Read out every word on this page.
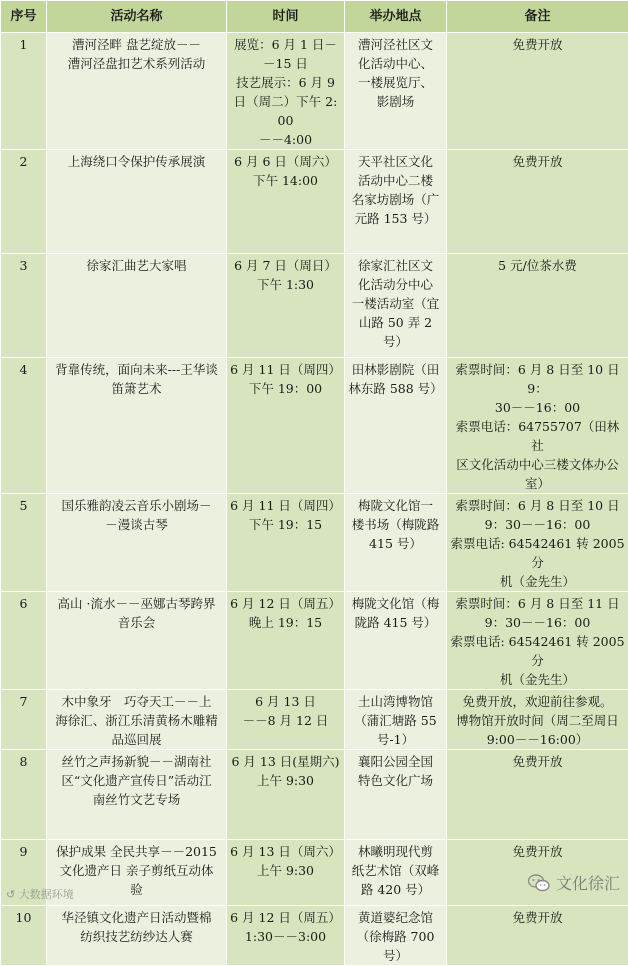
序号	活动名称	时间	举办地点	备注
1	漕河泾畔 盘艺绽放－－
漕河泾盘扣艺术系列活动	展览：6 月 1 日－
－15 日
技艺展示：6 月 9
日（周二）下午 2:00
－－4:00	漕河泾社区文
化活动中心、
一楼展览厅、
影剧场	免费开放

2	上海绕口令保护传承展演	6 月 6 日（周六）
下午 14:00	天平社区文化
活动中心二楼
名家坊剧场（广
元路 153 号）	免费开放

3	徐家汇曲艺大家唱	6 月 7 日（周日）
下午 1:30	徐家汇社区文
化活动分中心
一楼活动室（宜
山路 50 弄 2 号）	5 元/位茶水费

4	背靠传统，面向未来---王华谈
笛箫艺术	6 月 11 日（周四）
下午 19：00	田林影剧院（田
林东路 588 号）	索票时间：6 月 8 日至 10 日 9：
30－－16：00
索票电话：64755707（田林社
区文化活动中心三楼文体办公
室）

5	国乐雅韵凌云音乐小剧场－
－漫谈古琴	6 月 11 日（周四）
下午 19：15	梅陇文化馆一
楼书场（梅陇路
415 号）	索票时间：6 月 8 日至 10 日
9：30－－16：00
索票电话: 64542461 转 2005 分
机（金先生）

6	高山 ·流水－－巫娜古琴跨界
音乐会	6 月 12 日（周五）
晚上 19：15	梅陇文化馆（梅
陇路 415 号）	索票时间：6 月 8 日至 11 日
9：30－－16：00
索票电话: 64542461 转 2005 分
机（金先生）

7	木中象牙　巧夺天工－－上
海徐汇、浙江乐清黄杨木雕精
品巡回展	6 月 13 日
－－8 月 12 日	土山湾博物馆
（蒲汇塘路 55
号-1）	免费开放，欢迎前往参观。
博物馆开放时间（周二至周日
9:00－－16:00）

8	丝竹之声扬新貌－－湖南社
区“文化遗产宣传日”活动江
南丝竹文艺专场	6 月 13 日(星期六)
上午 9:30	襄阳公园全国
特色文化广场	免费开放

9	保护成果 全民共享－－2015
文化遗产日 亲子剪纸互动体
验	6 月 13 日（周六）
上午 9:30	林曦明现代剪
纸艺术馆（双峰
路 420 号）	免费开放

10	华泾镇文化遗产日活动暨棉
纺织技艺纺纱达人赛	6 月 12 日（周五）
1:30－－3:00	黄道婆纪念馆
（徐梅路 700
号）	免费开放
↺ 大数据环境
文化徐汇
